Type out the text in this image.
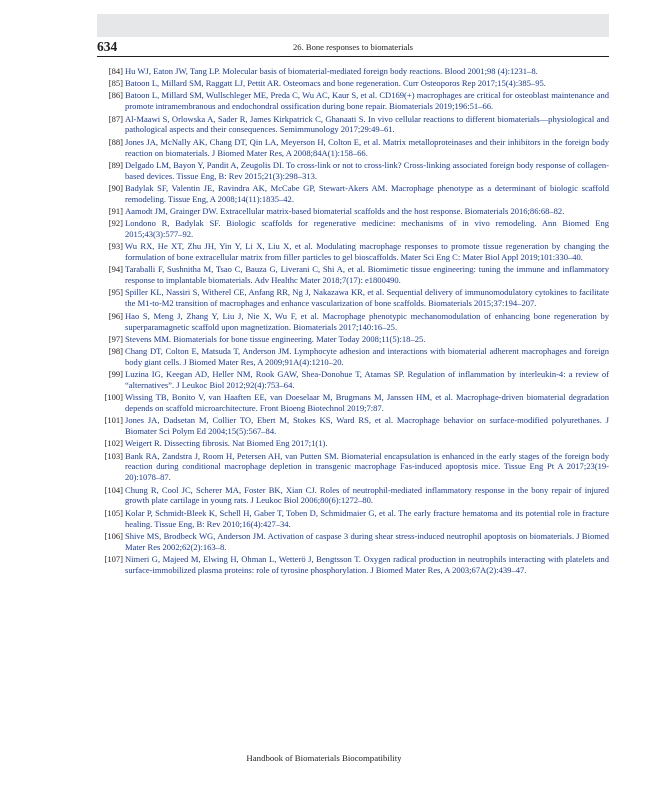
634	26. Bone responses to biomaterials
[84] Hu WJ, Eaton JW, Tang LP. Molecular basis of biomaterial-mediated foreign body reactions. Blood 2001;98 (4):1231–8.
[85] Batoon L, Millard SM, Raggatt LJ, Pettit AR. Osteomacs and bone regeneration. Curr Osteoporos Rep 2017;15(4):385–95.
[86] Batoon L, Millard SM, Wullschleger ME, Preda C, Wu AC, Kaur S, et al. CD169(+) macrophages are critical for osteoblast maintenance and promote intramembranous and endochondral ossification during bone repair. Biomaterials 2019;196:51–66.
[87] Al-Maawi S, Orlowska A, Sader R, James Kirkpatrick C, Ghanaati S. In vivo cellular reactions to different biomaterials—physiological and pathological aspects and their consequences. Semimmunology 2017;29:49–61.
[88] Jones JA, McNally AK, Chang DT, Qin LA, Meyerson H, Colton E, et al. Matrix metalloproteinases and their inhibitors in the foreign body reaction on biomaterials. J Biomed Mater Res, A 2008;84A(1):158–66.
[89] Delgado LM, Bayon Y, Pandit A, Zeugolis DI. To cross-link or not to cross-link? Cross-linking associated foreign body response of collagen-based devices. Tissue Eng, B: Rev 2015;21(3):298–313.
[90] Badylak SF, Valentin JE, Ravindra AK, McCabe GP, Stewart-Akers AM. Macrophage phenotype as a determinant of biologic scaffold remodeling. Tissue Eng, A 2008;14(11):1835–42.
[91] Aamodt JM, Grainger DW. Extracellular matrix-based biomaterial scaffolds and the host response. Biomaterials 2016;86:68–82.
[92] Londono R, Badylak SF. Biologic scaffolds for regenerative medicine: mechanisms of in vivo remodeling. Ann Biomed Eng 2015;43(3):577–92.
[93] Wu RX, He XT, Zhu JH, Yin Y, Li X, Liu X, et al. Modulating macrophage responses to promote tissue regeneration by changing the formulation of bone extracellular matrix from filler particles to gel bioscaffolds. Mater Sci Eng C: Mater Biol Appl 2019;101:330–40.
[94] Taraballi F, Sushnitha M, Tsao C, Bauza G, Liverani C, Shi A, et al. Biomimetic tissue engineering: tuning the immune and inflammatory response to implantable biomaterials. Adv Healthc Mater 2018;7(17): e1800490.
[95] Spiller KL, Nassiri S, Witherel CE, Anfang RR, Ng J, Nakazawa KR, et al. Sequential delivery of immunomodulatory cytokines to facilitate the M1-to-M2 transition of macrophages and enhance vascularization of bone scaffolds. Biomaterials 2015;37:194–207.
[96] Hao S, Meng J, Zhang Y, Liu J, Nie X, Wu F, et al. Macrophage phenotypic mechanomodulation of enhancing bone regeneration by superparamagnetic scaffold upon magnetization. Biomaterials 2017;140:16–25.
[97] Stevens MM. Biomaterials for bone tissue engineering. Mater Today 2008;11(5):18–25.
[98] Chang DT, Colton E, Matsuda T, Anderson JM. Lymphocyte adhesion and interactions with biomaterial adherent macrophages and foreign body giant cells. J Biomed Mater Res, A 2009;91A(4):1210–20.
[99] Luzina IG, Keegan AD, Heller NM, Rook GAW, Shea-Donohue T, Atamas SP. Regulation of inflammation by interleukin-4: a review of “alternatives”. J Leukoc Biol 2012;92(4):753–64.
[100] Wissing TB, Bonito V, van Haaften EE, van Doeselaar M, Brugmans M, Janssen HM, et al. Macrophage-driven biomaterial degradation depends on scaffold microarchitecture. Front Bioeng Biotechnol 2019;7:87.
[101] Jones JA, Dadsetan M, Collier TO, Ebert M, Stokes KS, Ward RS, et al. Macrophage behavior on surface-modified polyurethanes. J Biomater Sci Polym Ed 2004;15(5):567–84.
[102] Weigert R. Dissecting fibrosis. Nat Biomed Eng 2017;1(1).
[103] Bank RA, Zandstra J, Room H, Petersen AH, van Putten SM. Biomaterial encapsulation is enhanced in the early stages of the foreign body reaction during conditional macrophage depletion in transgenic macrophage Fas-induced apoptosis mice. Tissue Eng Pt A 2017;23(19-20):1078–87.
[104] Chung R, Cool JC, Scherer MA, Foster BK, Xian CJ. Roles of neutrophil-mediated inflammatory response in the bony repair of injured growth plate cartilage in young rats. J Leukoc Biol 2006;80(6):1272–80.
[105] Kolar P, Schmidt-Bleek K, Schell H, Gaber T, Toben D, Schmidmaier G, et al. The early fracture hematoma and its potential role in fracture healing. Tissue Eng, B: Rev 2010;16(4):427–34.
[106] Shive MS, Brodbeck WG, Anderson JM. Activation of caspase 3 during shear stress-induced neutrophil apoptosis on biomaterials. J Biomed Mater Res 2002;62(2):163–8.
[107] Nimeri G, Majeed M, Elwing H, Ohman L, Wetterö J, Bengtsson T. Oxygen radical production in neutrophils interacting with platelets and surface-immobilized plasma proteins: role of tyrosine phosphorylation. J Biomed Mater Res, A 2003;67A(2):439–47.
Handbook of Biomaterials Biocompatibility
